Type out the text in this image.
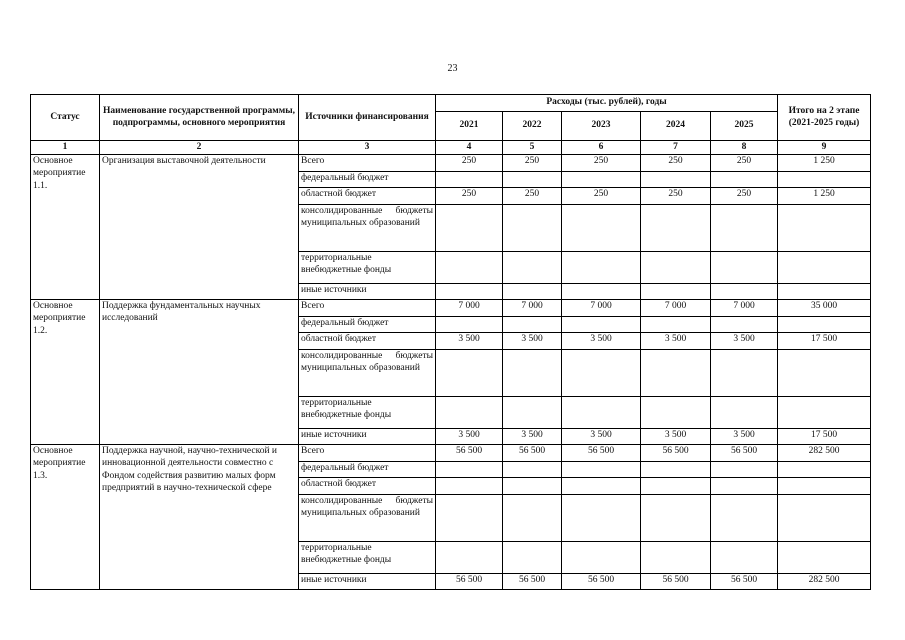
23
Статус	Наименование государственной программы, подпрограммы, основного мероприятия	Источники финансирования	Расходы (тыс. рублей), годы					Итого на 2 этапе (2021-2025 годы)
			2021	2022	2023	2024	2025	
1	2	3	4	5	6	7	8	9
Основное мероприятие 1.1.	Организация выставочной деятельности	Всего	250	250	250	250	250	1 250
		федеральный бюджет						
		областной бюджет	250	250	250	250	250	1 250
		консолидированные бюджеты муниципальных образований						
		территориальные внебюджетные фонды						
		иные источники						
Основное мероприятие 1.2.	Поддержка фундаментальных научных исследований	Всего	7 000	7 000	7 000	7 000	7 000	35 000
		федеральный бюджет						
		областной бюджет	3 500	3 500	3 500	3 500	3 500	17 500
		консолидированные бюджеты муниципальных образований						
		территориальные внебюджетные фонды						
		иные источники	3 500	3 500	3 500	3 500	3 500	17 500
Основное мероприятие 1.3.	Поддержка научной, научно-технической и инновационной деятельности совместно с Фондом содействия развитию малых форм предприятий в научно-технической сфере	Всего	56 500	56 500	56 500	56 500	56 500	282 500
		федеральный бюджет						
		областной бюджет						
		консолидированные бюджеты муниципальных образований						
		территориальные внебюджетные фонды						
		иные источники	56 500	56 500	56 500	56 500	56 500	282 500
